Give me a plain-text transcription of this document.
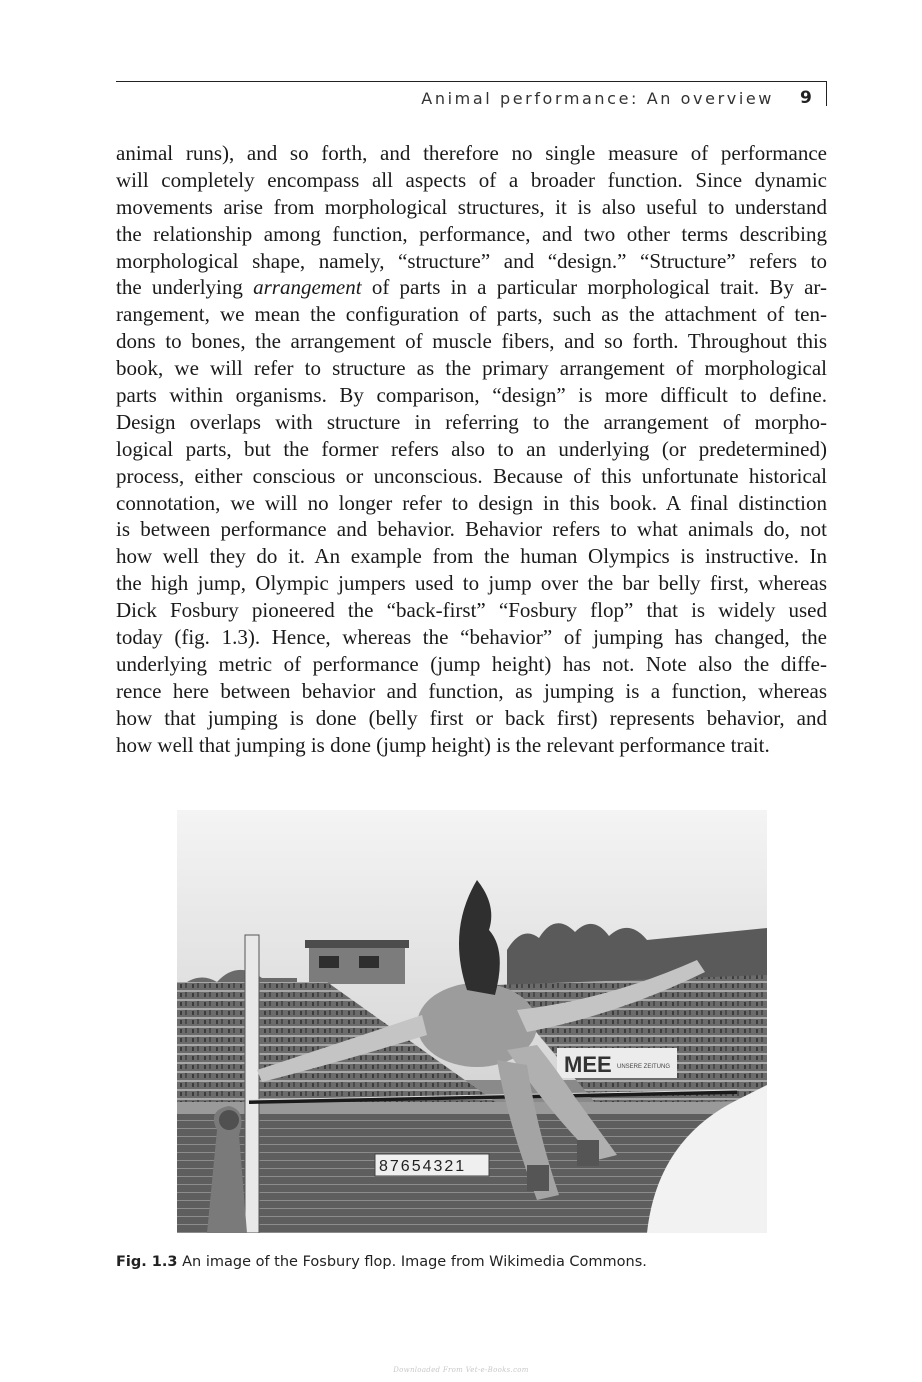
Animal performance: An overview 9
animal runs), and so forth, and therefore no single measure of performance
will completely encompass all aspects of a broader function. Since dynamic
movements arise from morphological structures, it is also useful to understand
the relationship among function, performance, and two other terms describing
morphological shape, namely, “structure” and “design.” “Structure” refers to
the underlying arrangement of parts in a particular morphological trait. By ar-
rangement, we mean the configuration of parts, such as the attachment of ten-
dons to bones, the arrangement of muscle fibers, and so forth. Throughout this
book, we will refer to structure as the primary arrangement of morphological
parts within organisms. By comparison, “design” is more difficult to define.
Design overlaps with structure in referring to the arrangement of morpho-
logical parts, but the former refers also to an underlying (or predetermined)
process, either conscious or unconscious. Because of this unfortunate historical
connotation, we will no longer refer to design in this book. A final distinction
is between performance and behavior. Behavior refers to what animals do, not
how well they do it. An example from the human Olympics is instructive. In
the high jump, Olympic jumpers used to jump over the bar belly first, whereas
Dick Fosbury pioneered the “back-first” “Fosbury flop” that is widely used
today (fig. 1.3). Hence, whereas the “behavior” of jumping has changed, the
underlying metric of performance (jump height) has not. Note also the diffe-
rence here between behavior and function, as jumping is a function, whereas
how that jumping is done (belly first or back first) represents behavior, and
how well that jumping is done (jump height) is the relevant performance trait.
MEE UNSERE ZEITUNG
87654321
Fig. 1.3 An image of the Fosbury flop. Image from Wikimedia Commons.
Downloaded From Vet-e-Books.com
